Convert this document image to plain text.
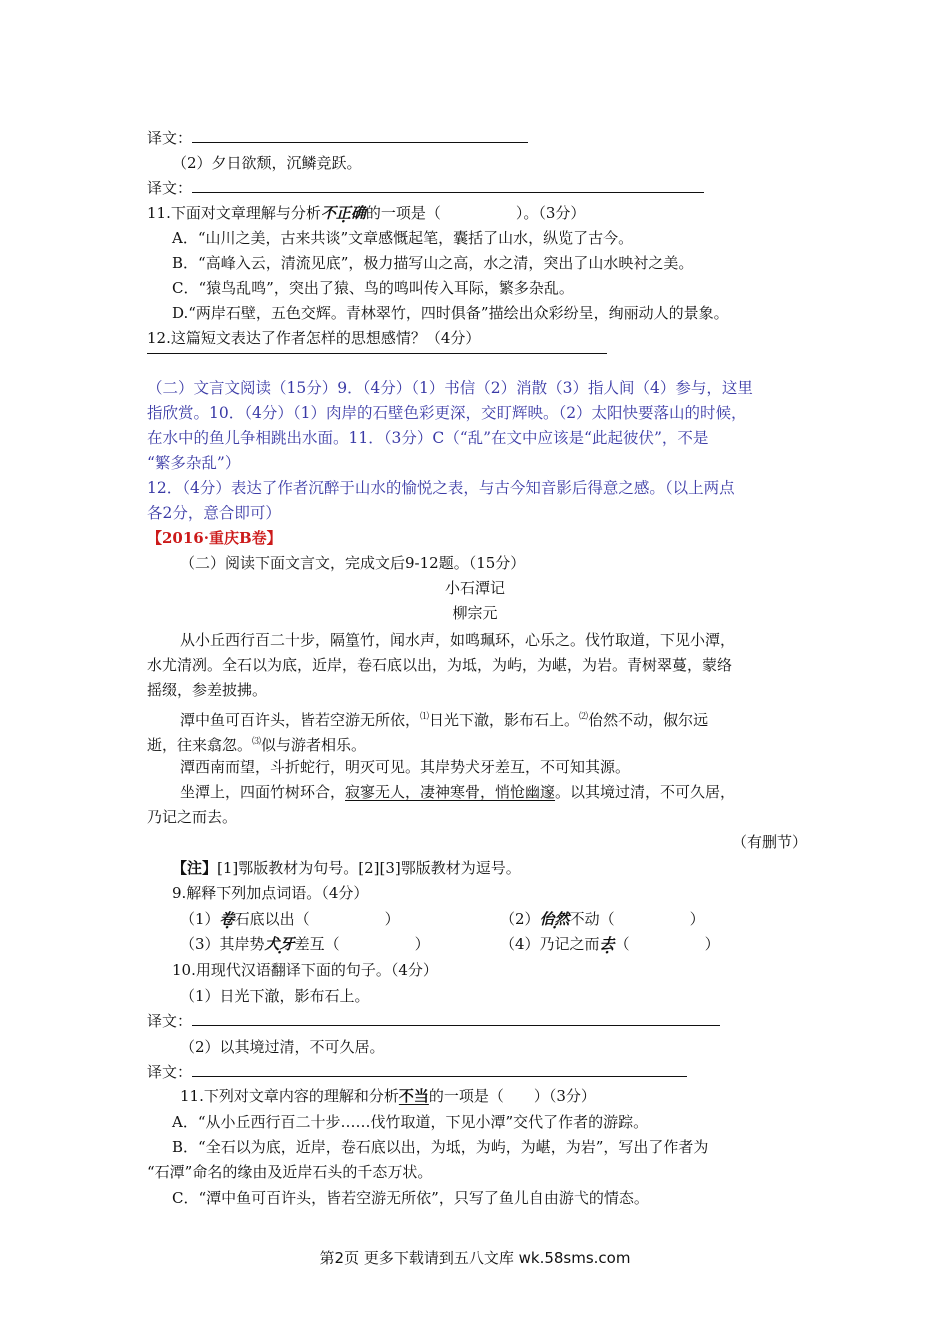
译文：
（2）夕日欲颓，沉鳞竞跃。
译文：
11.下面对文章理解与分析不正确的一项是（　　　　　）。（3分）
A．“山川之美，古来共谈”文章感慨起笔，囊括了山水，纵览了古今。
B．“高峰入云，清流见底”，极力描写山之高，水之清，突出了山水映衬之美。
C．“猿鸟乱鸣”，突出了猿、鸟的鸣叫传入耳际，繁多杂乱。
D.“两岸石壁，五色交辉。青林翠竹，四时俱备”描绘出众彩纷呈，绚丽动人的景象。
12.这篇短文表达了作者怎样的思想感情？（4分）
（二）文言文阅读（15分）9．（4分）（1）书信（2）消散（3）指人间（4）参与，这里
指欣赏。10．（4分）（1）肉岸的石壁色彩更深，交盯辉映。（2）太阳快要落山的时候，
在水中的鱼儿争相跳出水面。11．（3分）C（“乱”在文中应该是“此起彼伏”，不是
“繁多杂乱”）
12．（4分）表达了作者沉醉于山水的愉悦之表，与古今知音影后得意之感。（以上两点
各2分，意合即可）
【2016·重庆B卷】
（二）阅读下面文言文，完成文后9-12题。（15分）
小石潭记
柳宗元
从小丘西行百二十步，隔篁竹，闻水声，如鸣珮环，心乐之。伐竹取道，下见小潭，
水尤清冽。全石以为底，近岸，卷石底以出，为坻，为屿，为嵁，为岩。青树翠蔓，蒙络
摇缀，参差披拂。
潭中鱼可百许头，皆若空游无所依，⑴日光下澈，影布石上。⑵佁然不动，俶尔远
逝，往来翕忽。⑶似与游者相乐。
潭西南而望，斗折蛇行，明灭可见。其岸势犬牙差互，不可知其源。
坐潭上，四面竹树环合，寂寥无人，凄神寒骨，悄怆幽邃。以其境过清，不可久居，
乃记之而去。
（有删节）
【注】[1]鄂版教材为句号。[2][3]鄂版教材为逗号。
9.解释下列加点词语。（4分）
（1）卷石底以出（　　　　　）	（2）佁然不动（　　　　　）
（3）其岸势犬牙差互（　　　　　）	（4）乃记之而去（　　　　　）
10.用现代汉语翻译下面的句子。（4分）
（1）日光下澈，影布石上。
译文：
（2）以其境过清，不可久居。
译文：
11.下列对文章内容的理解和分析不当的一项是（　　）（3分）
A．“从小丘西行百二十步……伐竹取道，下见小潭”交代了作者的游踪。
B．“全石以为底，近岸，卷石底以出，为坻，为屿，为嵁，为岩”，写出了作者为
“石潭”命名的缘由及近岸石头的千态万状。
C．“潭中鱼可百许头，皆若空游无所依”，只写了鱼儿自由游弋的情态。
第2页 更多下载请到五八文库 wk.58sms.com
